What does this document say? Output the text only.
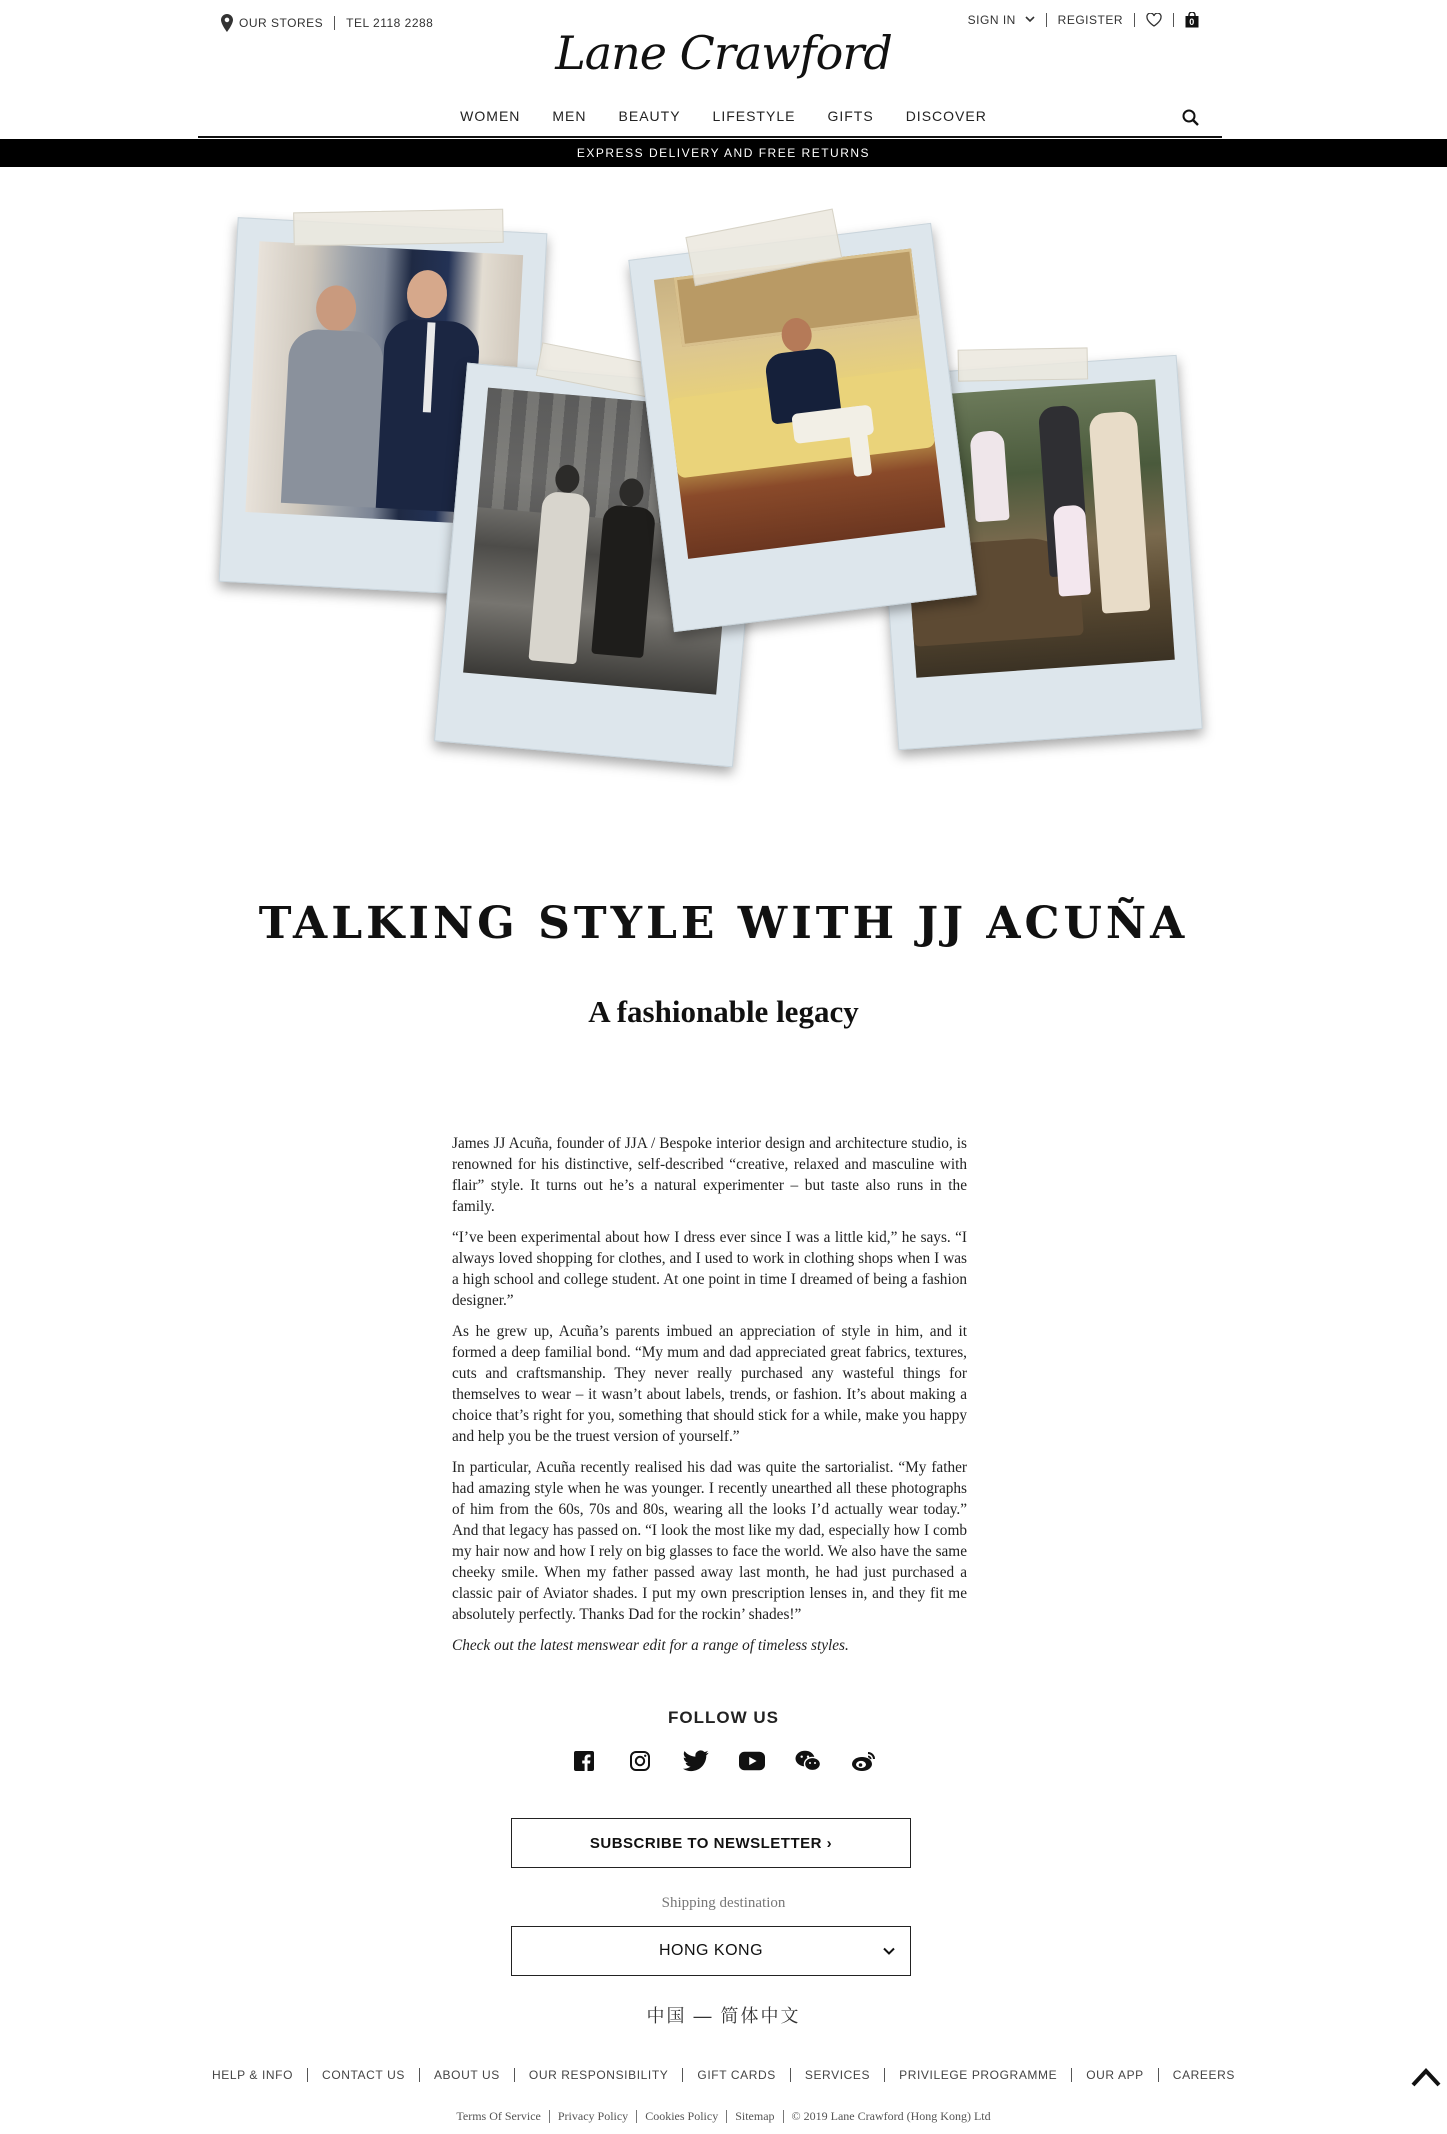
OUR STORES TEL 2118 2288	SIGN IN	REGISTER	0
Lane Crawford
WOMEN MEN BEAUTY LIFESTYLE GIFTS DISCOVER
EXPRESS DELIVERY AND FREE RETURNS
TALKING STYLE WITH JJ ACUÑA
A fashionable legacy

James JJ Acuña, founder of JJA / Bespoke interior design and architecture studio, is renowned for his distinctive, self-described “creative, relaxed and masculine with flair” style. It turns out he’s a natural experimenter – but taste also runs in the family.

“I’ve been experimental about how I dress ever since I was a little kid,” he says. “I always loved shopping for clothes, and I used to work in clothing shops when I was a high school and college student. At one point in time I dreamed of being a fashion designer.”

As he grew up, Acuña’s parents imbued an appreciation of style in him, and it formed a deep familial bond. “My mum and dad appreciated great fabrics, textures, cuts and craftsmanship. They never really purchased any wasteful things for themselves to wear – it wasn’t about labels, trends, or fashion. It’s about making a choice that’s right for you, something that should stick for a while, make you happy and help you be the truest version of yourself.”

In particular, Acuña recently realised his dad was quite the sartorialist. “My father had amazing style when he was younger. I recently unearthed all these photographs of him from the 60s, 70s and 80s, wearing all the looks I’d actually wear today.” And that legacy has passed on. “I look the most like my dad, especially how I comb my hair now and how I rely on big glasses to face the world. We also have the same cheeky smile. When my father passed away last month, he had just purchased a classic pair of Aviator shades. I put my own prescription lenses in, and they fit me absolutely perfectly. Thanks Dad for the rockin’ shades!”

Check out the latest menswear edit for a range of timeless styles.

FOLLOW US
SUBSCRIBE TO NEWSLETTER ›
Shipping destination
HONG KONG
中国 — 简体中文
HELP & INFO	CONTACT US	ABOUT US	OUR RESPONSIBILITY	GIFT CARDS	SERVICES	PRIVILEGE PROGRAMME	OUR APP	CAREERS
Terms Of Service	Privacy Policy	Cookies Policy	Sitemap	© 2019 Lane Crawford (Hong Kong) Ltd
